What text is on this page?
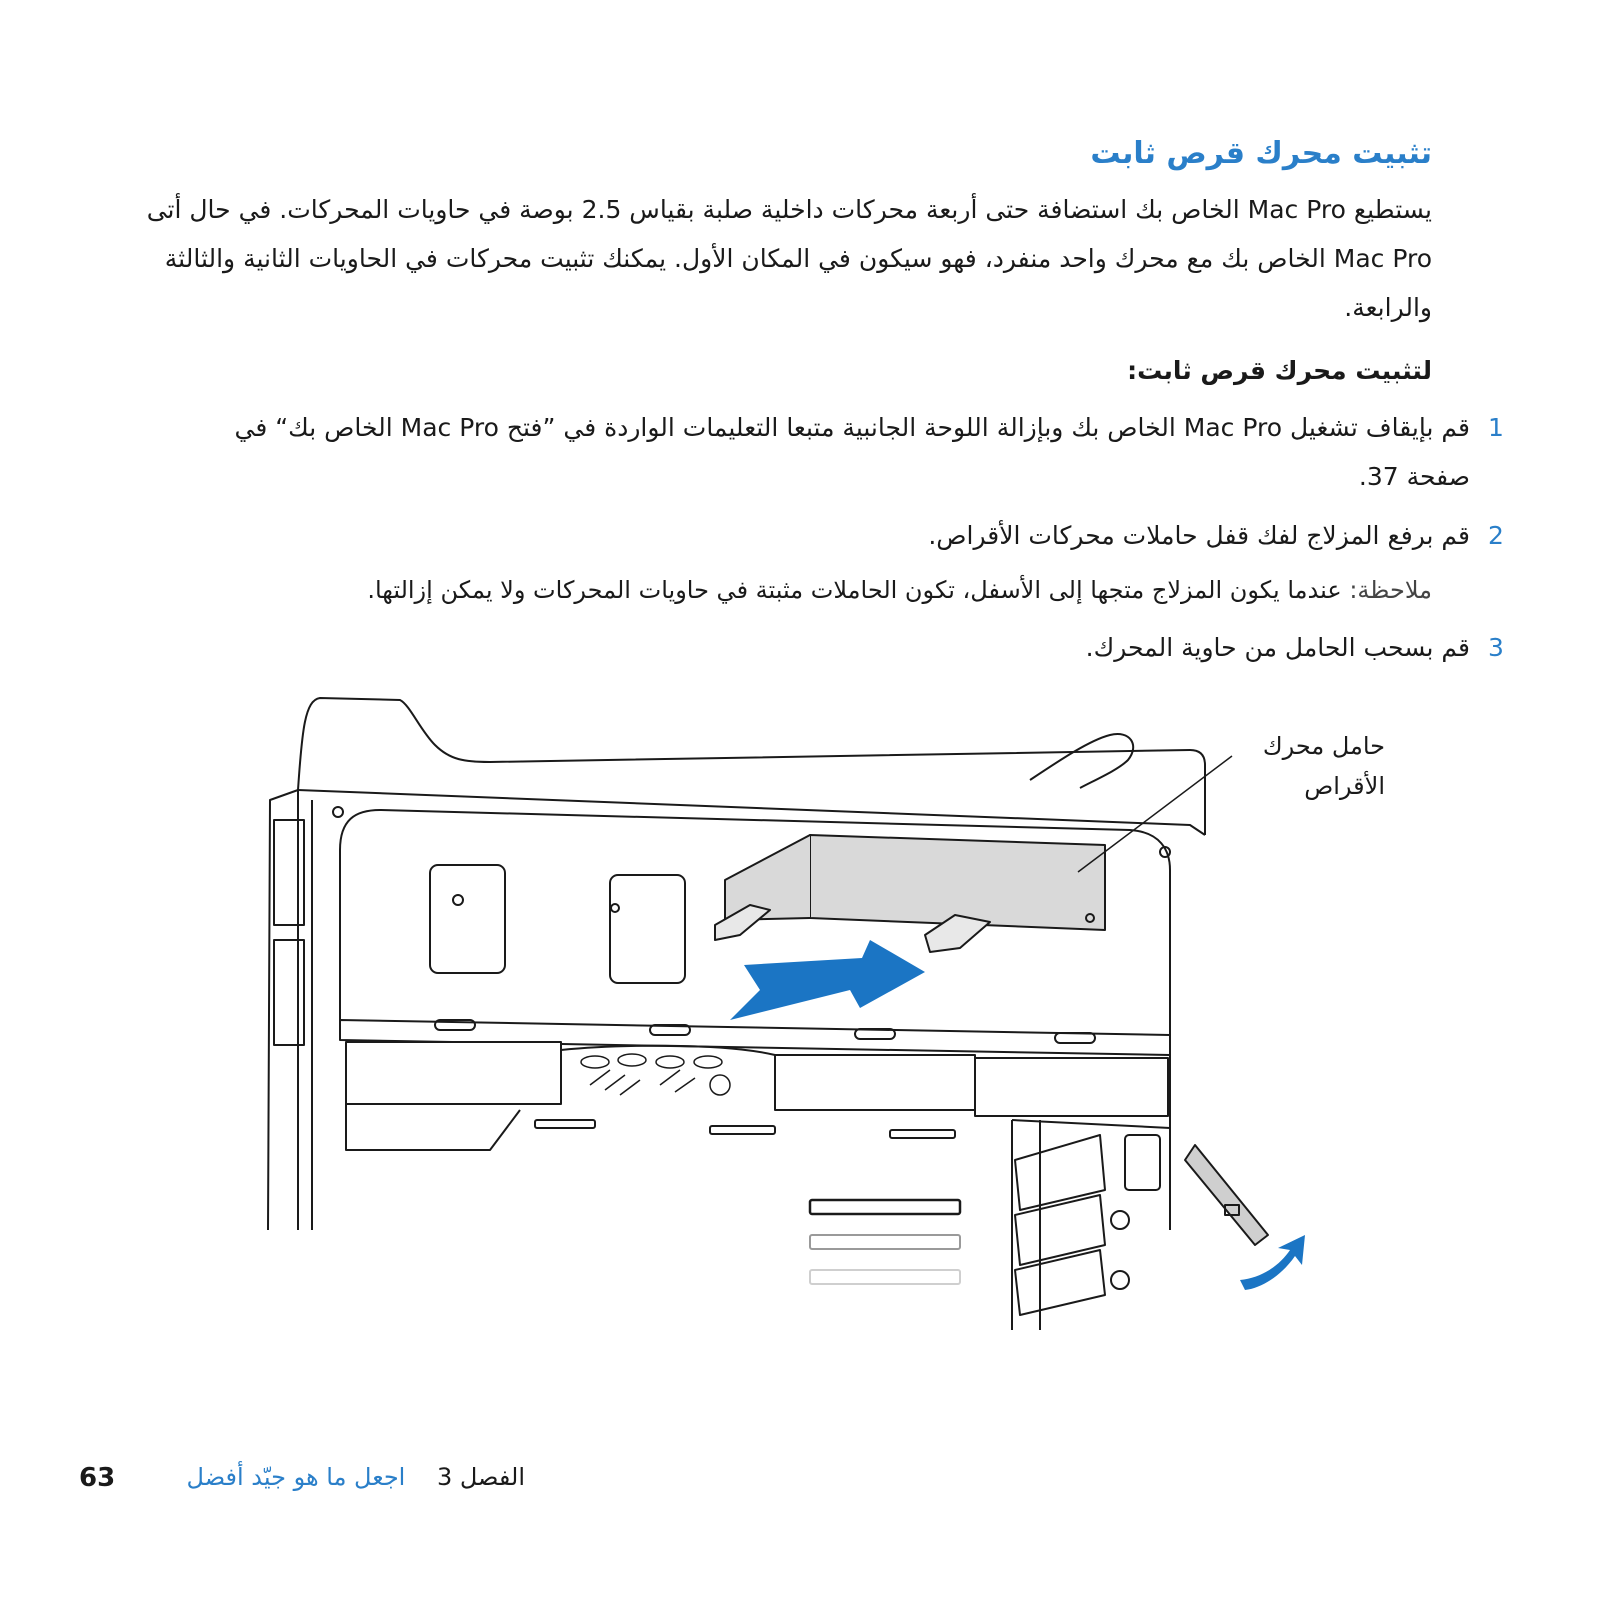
تثبيت محرك قرص ثابت

يستطيع Mac Pro الخاص بك استضافة حتى أربعة محركات داخلية صلبة بقياس 2.5 بوصة في حاويات المحركات. في حال أتى Mac Pro الخاص بك مع محرك واحد منفرد، فهو سيكون في المكان الأول. يمكنك تثبيت محركات في الحاويات الثانية والثالثة والرابعة.

لتثبيت محرك قرص ثابت:

1
قم بإيقاف تشغيل Mac Pro الخاص بك وبإزالة اللوحة الجانبية متبعا التعليمات الواردة في ”فتح Mac Pro الخاص بك“ في صفحة 37.
2
قم برفع المزلاج لفك قفل حاملات محركات الأقراص.

ملاحظة: عندما يكون المزلاج متجها إلى الأسفل، تكون الحاملات مثبتة في حاويات المحركات ولا يمكن إزالتها.

3
قم بسحب الحامل من حاوية المحرك.

حامل محرك الأقراص

63	الفصل 3 اجعل ما هو جيّد أفضل
